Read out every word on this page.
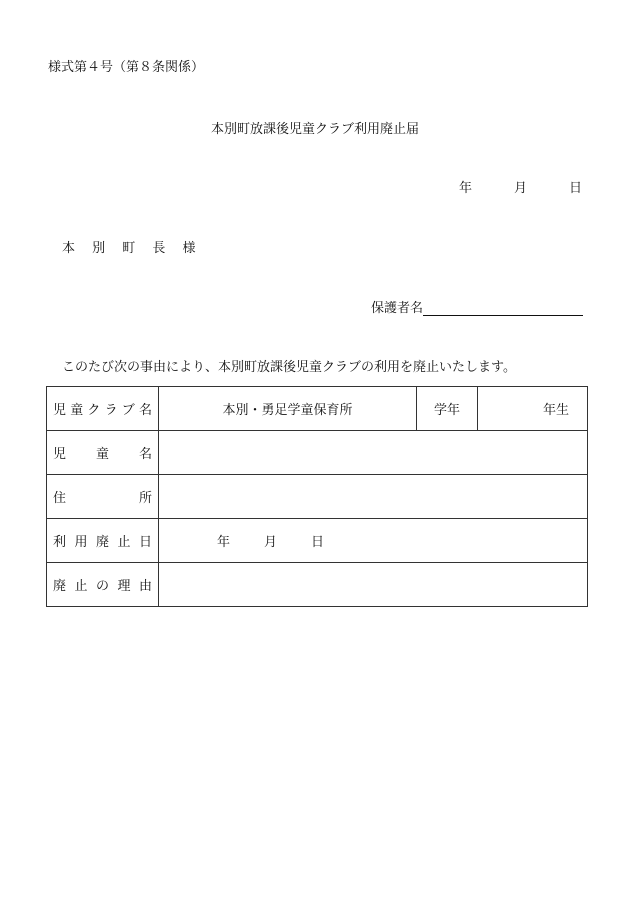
様式第４号（第８条関係）
本別町放課後児童クラブ利用廃止届
年	月	日
本 別 町 長 様
保護者名
このたび次の事由により、本別町放課後児童クラブの利用を廃止いたします。
児童クラブ名	本別・勇足学童保育所	学年	年生
児童名			
住所			
利用廃止日	年 月 日		
廃止の理由			
